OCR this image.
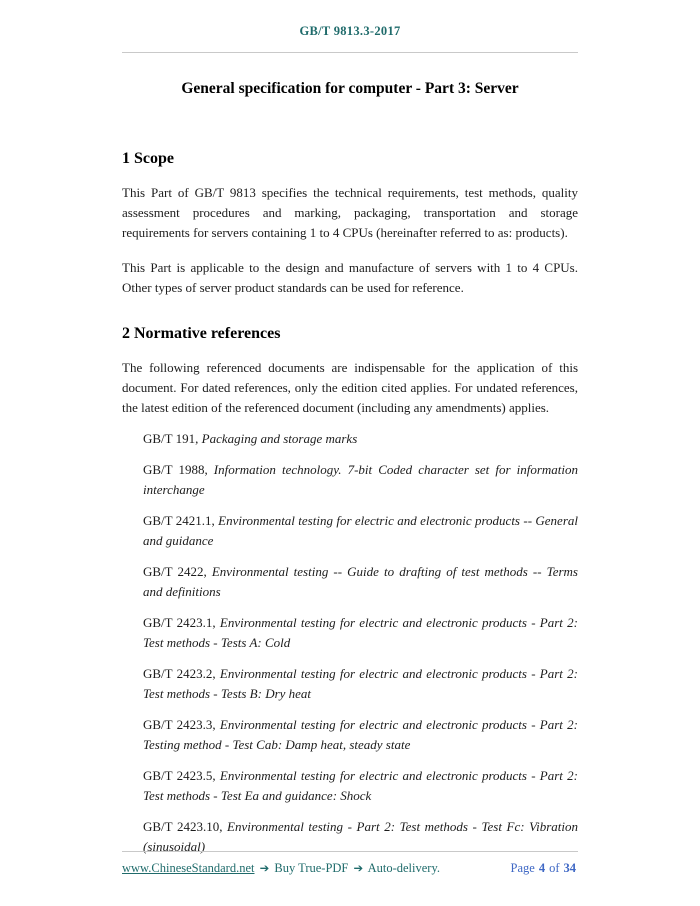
GB/T 9813.3-2017
General specification for computer - Part 3: Server
1 Scope

This Part of GB/T 9813 specifies the technical requirements, test methods, quality assessment procedures and marking, packaging, transportation and storage requirements for servers containing 1 to 4 CPUs (hereinafter referred to as: products).

This Part is applicable to the design and manufacture of servers with 1 to 4 CPUs. Other types of server product standards can be used for reference.

2 Normative references

The following referenced documents are indispensable for the application of this document. For dated references, only the edition cited applies. For undated references, the latest edition of the referenced document (including any amendments) applies.

GB/T 191, Packaging and storage marks

GB/T 1988, Information technology. 7-bit Coded character set for information interchange

GB/T 2421.1, Environmental testing for electric and electronic products -- General and guidance

GB/T 2422, Environmental testing -- Guide to drafting of test methods -- Terms and definitions

GB/T 2423.1, Environmental testing for electric and electronic products - Part 2: Test methods - Tests A: Cold

GB/T 2423.2, Environmental testing for electric and electronic products - Part 2: Test methods - Tests B: Dry heat

GB/T 2423.3, Environmental testing for electric and electronic products - Part 2: Testing method - Test Cab: Damp heat, steady state

GB/T 2423.5, Environmental testing for electric and electronic products - Part 2: Test methods - Test Ea and guidance: Shock

GB/T 2423.10, Environmental testing - Part 2: Test methods - Test Fc: Vibration (sinusoidal)

www.ChineseStandard.net ➔ Buy True-PDF ➔ Auto-delivery.	Page 4 of 34
